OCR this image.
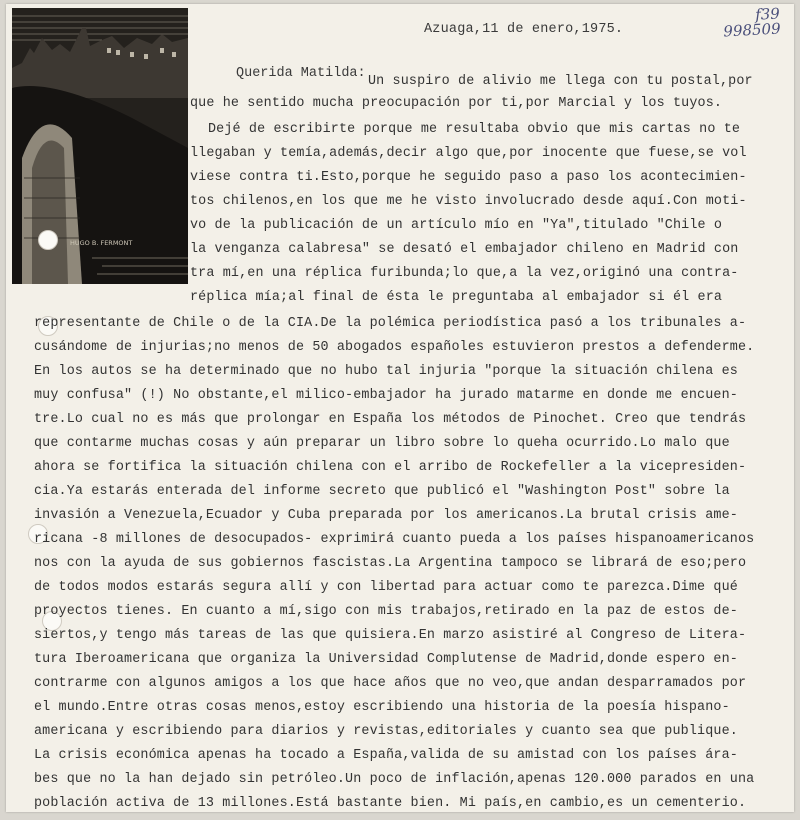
HUGO B. FERMONT
Azuaga,11 de enero,1975.
f39
998509
Querida Matilda:
Un suspiro de alivio me llega con tu postal,por
que he sentido mucha preocupación por ti,por Marcial y los tuyos.
Dejé de escribirte porque me resultaba obvio que mis cartas no te
llegaban y temía,además,decir algo que,por inocente que fuese,se vol
viese contra ti.Esto,porque he seguido paso a paso los acontecimien-
tos chilenos,en los que me he visto involucrado desde aquí.Con moti-
vo de la publicación de un artículo mío en "Ya",titulado "Chile o
la venganza calabresa" se desató el embajador chileno en Madrid con
tra mí,en una réplica furibunda;lo que,a la vez,originó una contra-
réplica mía;al final de ésta le preguntaba al embajador si él era
representante de Chile o de la CIA.De la polémica periodística pasó a los tribunales a-
cusándome de injurias;no menos de 50 abogados españoles estuvieron prestos a defenderme.
En los autos se ha determinado que no hubo tal injuria "porque la situación chilena es
muy confusa" (!) No obstante,el milico-embajador ha jurado matarme en donde me encuen-
tre.Lo cual no es más que prolongar en España los métodos de Pinochet. Creo que tendrás
que contarme muchas cosas y aún preparar un libro sobre lo queha ocurrido.Lo malo que
ahora se fortifica la situación chilena con el arribo de Rockefeller a la vicepresiden-
cia.Ya estarás enterada del informe secreto que publicó el "Washington Post" sobre la
invasión a Venezuela,Ecuador y Cuba preparada por los americanos.La brutal crisis ame-
ricana -8 millones de desocupados- exprimirá cuanto pueda a los países hispanoamericanos
nos con la ayuda de sus gobiernos fascistas.La Argentina tampoco se librará de eso;pero
de todos modos estarás segura allí y con libertad para actuar como te parezca.Dime qué
proyectos tienes. En cuanto a mí,sigo con mis trabajos,retirado en la paz de estos de-
siertos,y tengo más tareas de las que quisiera.En marzo asistiré al Congreso de Litera-
tura Iberoamericana que organiza la Universidad Complutense de Madrid,donde espero en-
contrarme con algunos amigos a los que hace años que no veo,que andan desparramados por
el mundo.Entre otras cosas menos,estoy escribiendo una historia de la poesía hispano-
americana y escribiendo para diarios y revistas,editoriales y cuanto sea que publique.
La crisis económica apenas ha tocado a España,valida de su amistad con los países ára-
bes que no la han dejado sin petróleo.Un poco de inflación,apenas 120.000 parados en una
población activa de 13 millones.Está bastante bien. Mi país,en cambio,es un cementerio.
